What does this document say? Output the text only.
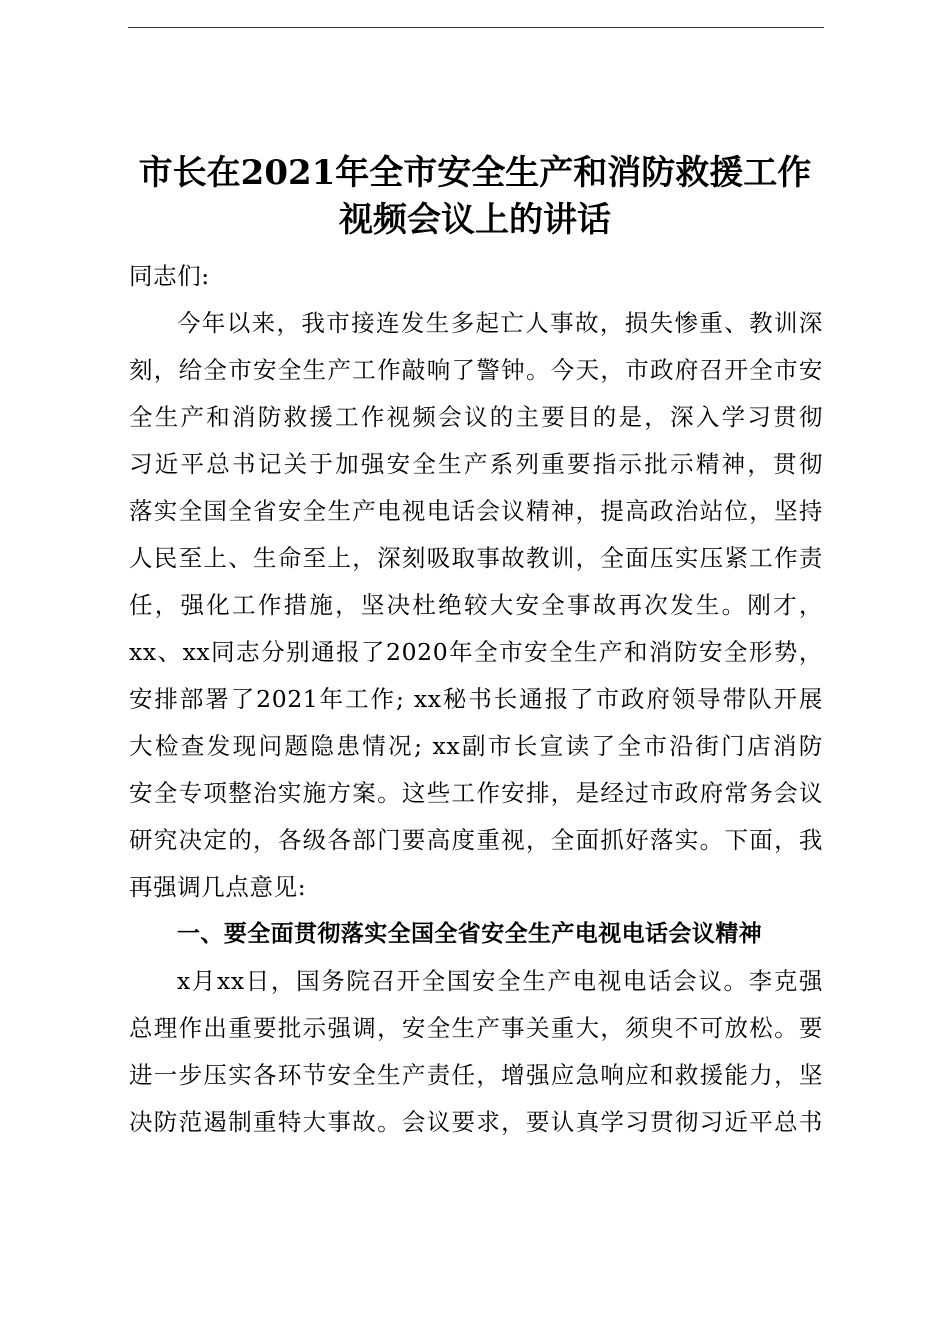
市长在2021年全市安全生产和消防救援工作
视频会议上的讲话
同志们:
今年以来，我市接连发生多起亡人事故，损失惨重、教训深
刻，给全市安全生产工作敲响了警钟。今天，市政府召开全市安
全生产和消防救援工作视频会议的主要目的是，深入学习贯彻
习近平总书记关于加强安全生产系列重要指示批示精神，贯彻
落实全国全省安全生产电视电话会议精神，提高政治站位，坚持
人民至上、生命至上，深刻吸取事故教训，全面压实压紧工作责
任，强化工作措施，坚决杜绝较大安全事故再次发生。刚才，
xx、xx同志分别通报了2020年全市安全生产和消防安全形势，
安排部署了2021年工作; xx秘书长通报了市政府领导带队开展
大检查发现问题隐患情况; xx副市长宣读了全市沿街门店消防
安全专项整治实施方案。这些工作安排，是经过市政府常务会议
研究决定的，各级各部门要高度重视，全面抓好落实。下面，我
再强调几点意见:
一、要全面贯彻落实全国全省安全生产电视电话会议精神
x月xx日，国务院召开全国安全生产电视电话会议。李克强
总理作出重要批示强调，安全生产事关重大，须臾不可放松。要
进一步压实各环节安全生产责任，增强应急响应和救援能力，坚
决防范遏制重特大事故。会议要求，要认真学习贯彻习近平总书
